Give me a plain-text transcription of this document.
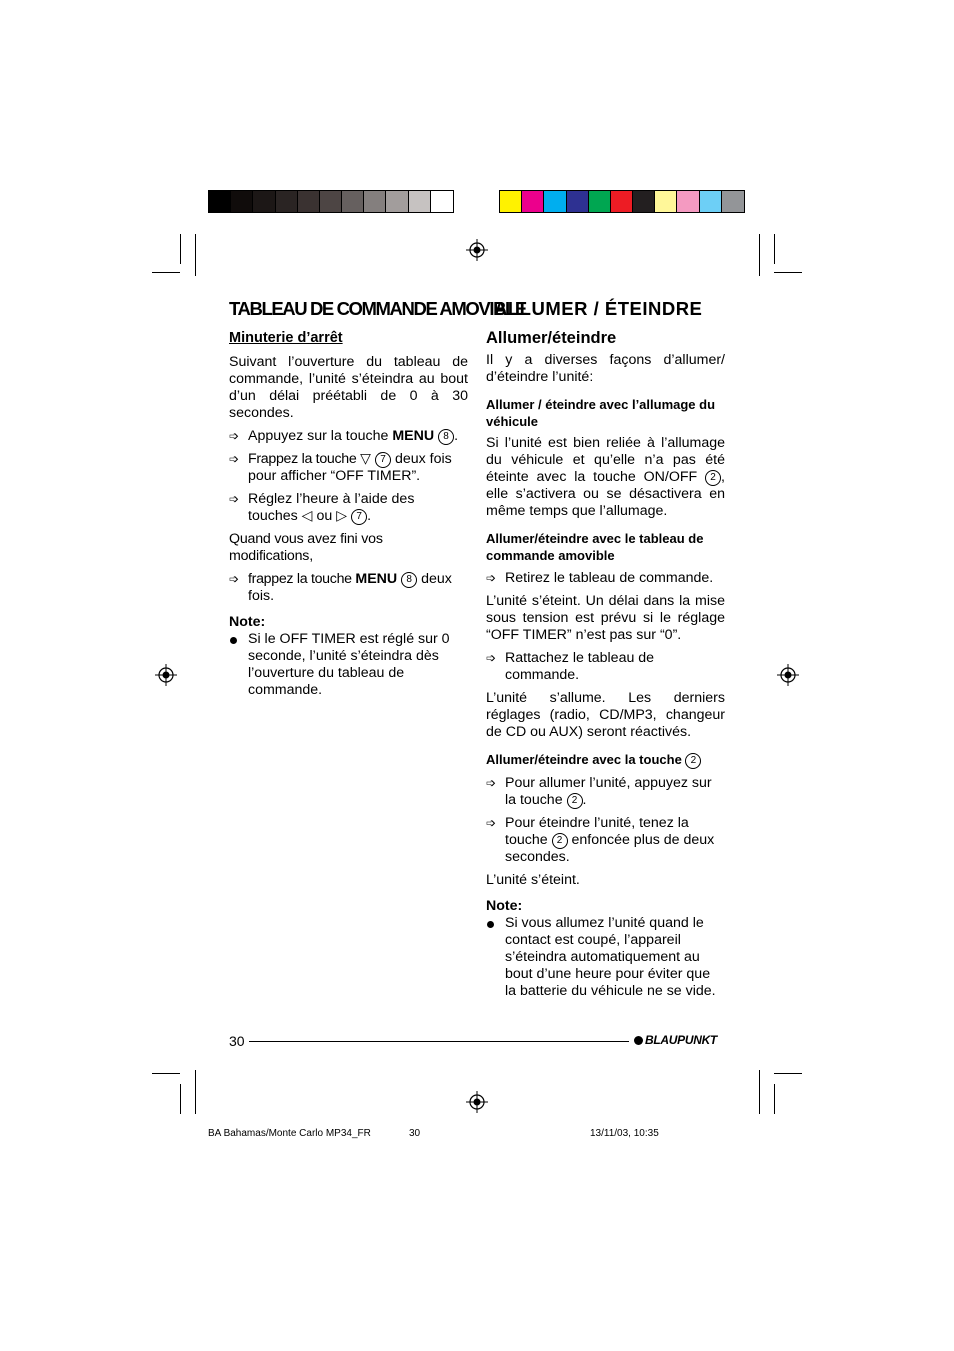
TABLEAU DE COMMANDE AMOVIBLE
ALLUMER / ÉTEINDRE

Minuterie d’arrêt

Suivant l’ouverture du tableau de commande, l’unité s’éteindra au bout d’un délai préétabli de 0 à 30 secondes.

➩ Appuyez sur la touche MENU 8 .

➩ Frappez la touche ▽ 7 deux fois pour afficher “OFF TIMER”.

➩ Réglez l’heure à l’aide des touches ◁ ou ▷ 7 .

Quand vous avez fini vos modifications,

➩ frappez la touche MENU 8 deux fois.

Note:

Si le OFF TIMER est réglé sur 0 seconde, l’unité s’éteindra dès l’ouverture du tableau de commande.

Allumer/éteindre

Il y a diverses façons d’allumer/ d’éteindre l’unité:

Allumer / éteindre avec l’allumage du véhicule

Si l’unité est bien reliée à l’allumage du véhicule et qu’elle n’a pas été éteinte avec la touche ON/OFF 2 , elle s’activera ou se désactivera en même temps que l’allumage.

Allumer/éteindre avec le tableau de commande amovible

➩ Retirez le tableau de commande.

L’unité s’éteint. Un délai dans la mise sous tension est prévu si le réglage “OFF TIMER” n’est pas sur “0”.

➩ Rattachez le tableau de commande.

L’unité s’allume. Les derniers réglages (radio, CD/MP3, changeur de CD ou AUX) seront réactivés.

Allumer/éteindre avec la touche 2

➩ Pour allumer l’unité, appuyez sur la touche 2 .

➩ Pour éteindre l’unité, tenez la touche 2 enfoncée plus de deux secondes.

L’unité s’éteint.

Note:

Si vous allumez l’unité quand le contact est coupé, l’appareil s’éteindra automatiquement au bout d’une heure pour éviter que la batterie du véhicule ne se vide.

30	BLAUPUNKT
BA Bahamas/Monte Carlo MP34_FR	30	13/11/03, 10:35
